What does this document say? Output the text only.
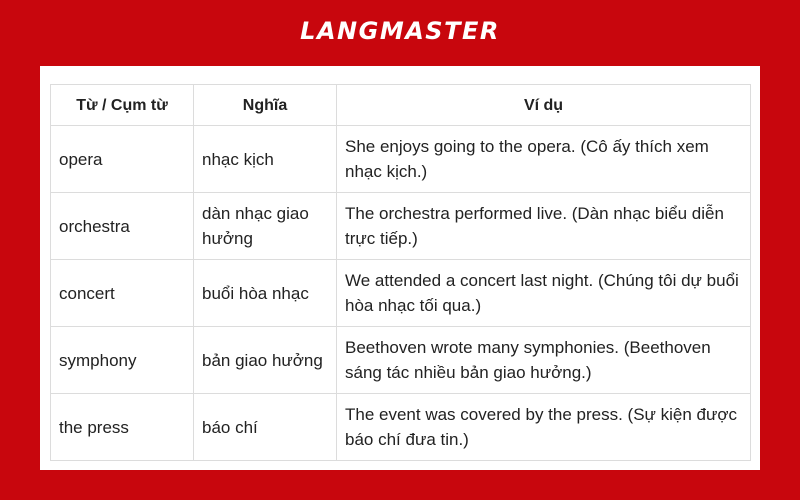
LANGMASTER
Từ / Cụm từ	Nghĩa	Ví dụ
opera	nhạc kịch	She enjoys going to the opera. (Cô ấy thích xem nhạc kịch.)
orchestra	dàn nhạc giao hưởng	The orchestra performed live. (Dàn nhạc biểu diễn trực tiếp.)
concert	buổi hòa nhạc	We attended a concert last night. (Chúng tôi dự buổi hòa nhạc tối qua.)
symphony	bản giao hưởng	Beethoven wrote many symphonies. (Beethoven sáng tác nhiều bản giao hưởng.)
the press	báo chí	The event was covered by the press. (Sự kiện được báo chí đưa tin.)
